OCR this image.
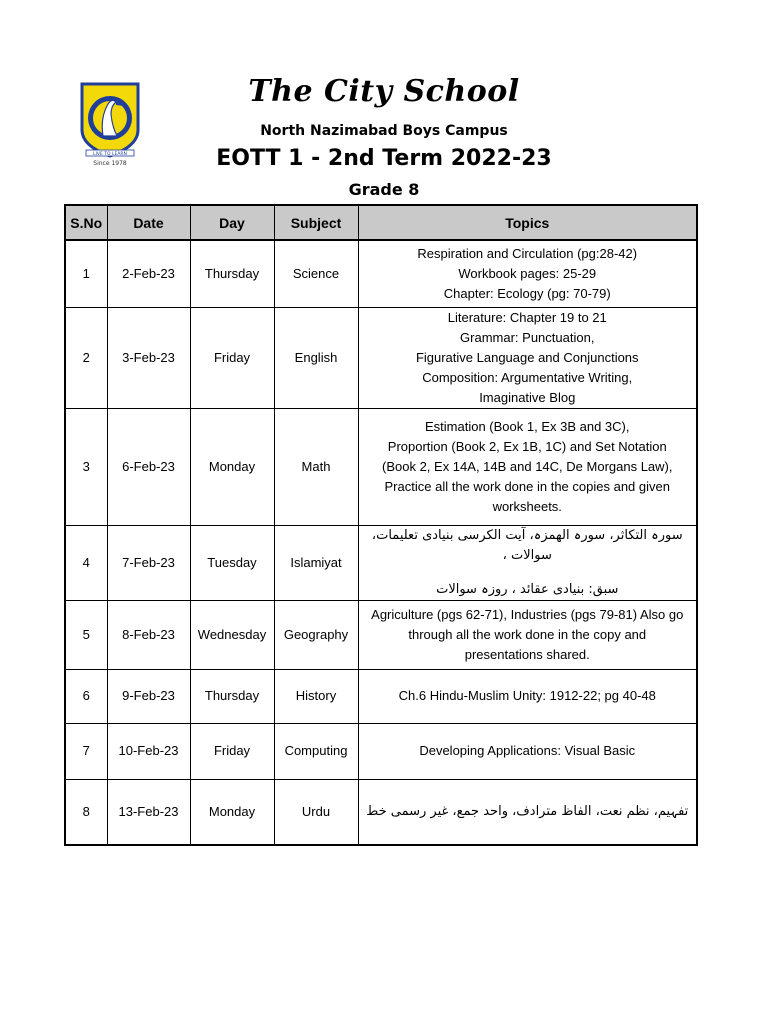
LIVE TO LEARN
Since 1978
The City School
North Nazimabad Boys Campus
EOTT 1 - 2nd Term 2022-23
Grade 8
S.No	Date	Day	Subject	Topics
1	2-Feb-23	Thursday	Science	Respiration and Circulation (pg:28-42)
Workbook pages: 25-29
Chapter: Ecology (pg: 70-79)

2	3-Feb-23	Friday	English	Literature: Chapter 19 to 21
Grammar: Punctuation,
Figurative Language and Conjunctions
Composition: Argumentative Writing,
Imaginative Blog

3	6-Feb-23	Monday	Math	Estimation (Book 1, Ex 3B and 3C),
Proportion (Book 2, Ex 1B, 1C) and Set Notation
(Book 2, Ex 14A, 14B and 14C, De Morgans Law),
Practice all the work done in the copies and given
worksheets.

4	7-Feb-23	Tuesday	Islamiyat	سورہ التکاثر، سورہ الھمزہ، آیت الکرسی بنیادی تعلیمات، سوالات ،
سبق: بنیادی عقائد ، روزہ سوالات

5	8-Feb-23	Wednesday	Geography	Agriculture (pgs 62-71), Industries (pgs 79-81) Also go
through all the work done in the copy and
presentations shared.

6	9-Feb-23	Thursday	History	Ch.6 Hindu-Muslim Unity: 1912-22; pg 40-48

7	10-Feb-23	Friday	Computing	Developing Applications: Visual Basic

8	13-Feb-23	Monday	Urdu	تفہیم، نظم نعت، الفاظ مترادف، واحد جمع، غیر رسمی خط
